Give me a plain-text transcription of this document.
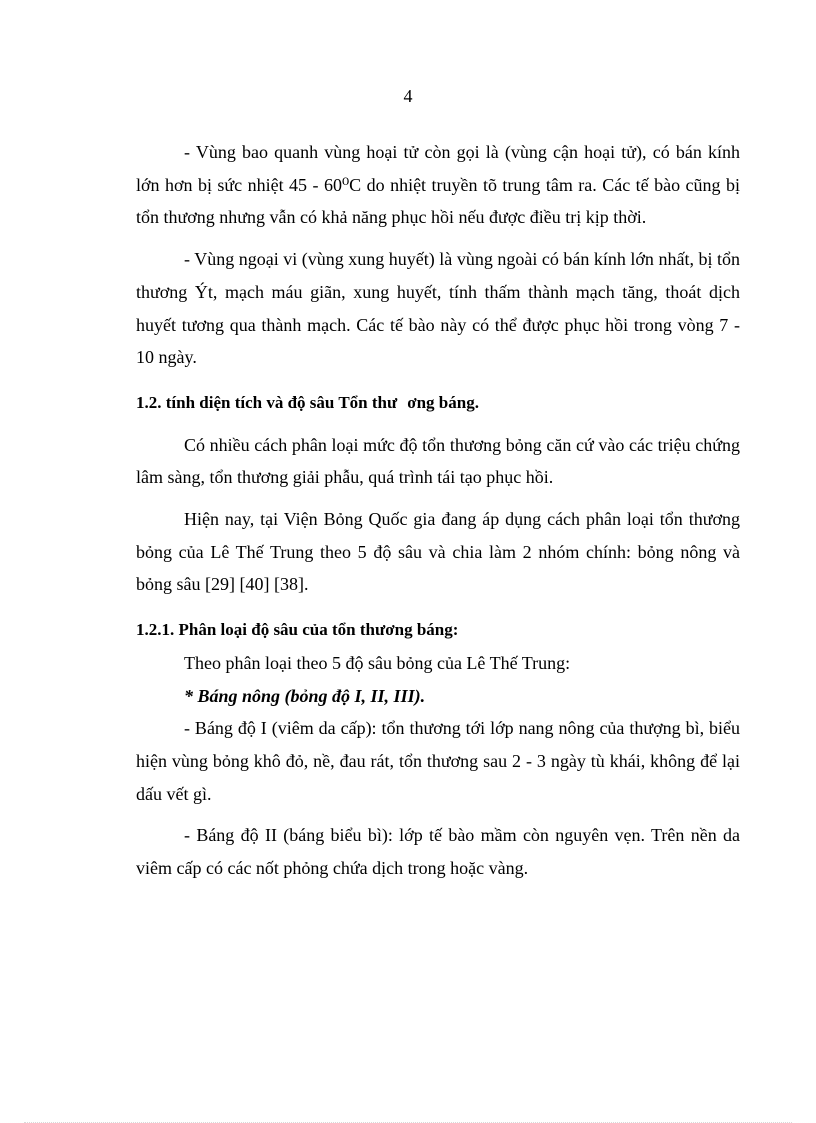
4

- Vùng bao quanh vùng hoại tử còn gọi là (vùng cận hoại tử), có bán kính lớn hơn bị sức nhiệt 45 - 60⁰C do nhiệt truyền tõ trung tâm ra. Các tế bào cũng bị tổn thương nhưng vẫn có khả năng phục hồi nếu được điều trị kịp thời.

- Vùng ngoại vi (vùng xung huyết) là vùng ngoài có bán kính lớn nhất, bị tổn thương Ýt, mạch máu giãn, xung huyết, tính thấm thành mạch tăng, thoát dịch huyết tương qua thành mạch. Các tế bào này có thể được phục hồi trong vòng 7 - 10 ngày.

1.2. tính diện tích và độ sâu Tổn thư ơng báng.

Có nhiều cách phân loại mức độ tổn thương bỏng căn cứ vào các triệu chứng lâm sàng, tổn thương giải phẫu, quá trình tái tạo phục hồi.

Hiện nay, tại Viện Bỏng Quốc gia đang áp dụng cách phân loại tổn thương bỏng của Lê Thế Trung theo 5 độ sâu và chia làm 2 nhóm chính: bỏng nông và bỏng sâu [29] [40] [38].

1.2.1. Phân loại độ sâu của tổn thương báng:

Theo phân loại theo 5 độ sâu bỏng của Lê Thế Trung:

* Báng nông (bỏng độ I, II, III).

- Báng độ I (viêm da cấp): tổn thương tới lớp nang nông của thượng bì, biểu hiện vùng bỏng khô đỏ, nề, đau rát, tổn thương sau 2 - 3 ngày tù khái, không để lại dấu vết gì.

- Báng độ II (báng biểu bì): lớp tế bào mầm còn nguyên vẹn. Trên nền da viêm cấp có các nốt phỏng chứa dịch trong hoặc vàng.
